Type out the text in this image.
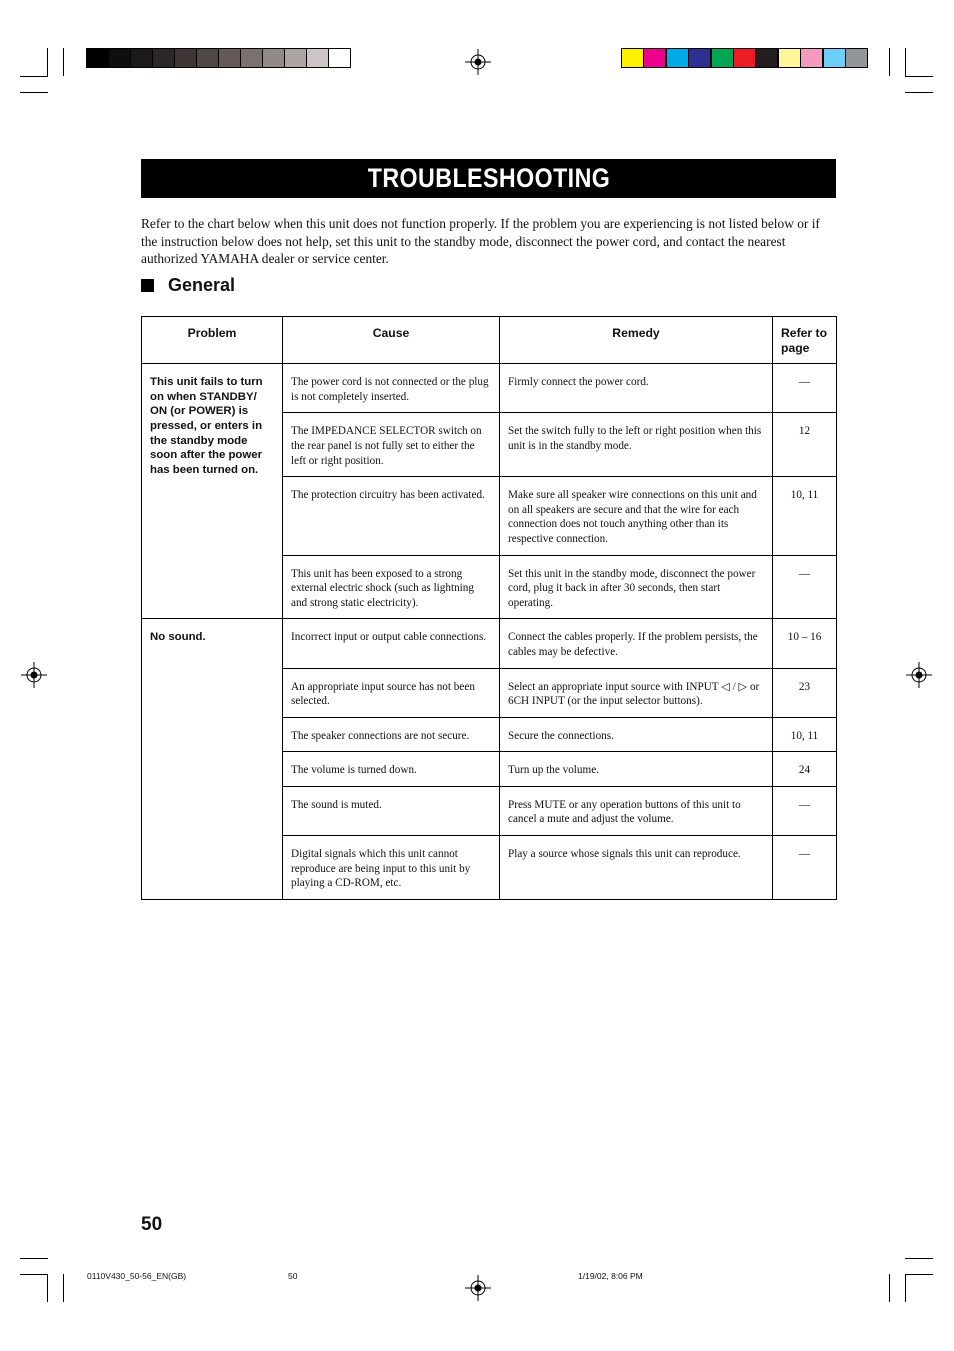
TROUBLESHOOTING
Refer to the chart below when this unit does not function properly. If the problem you are experiencing is not listed below or if the instruction below does not help, set this unit to the standby mode, disconnect the power cord, and contact the nearest authorized YAMAHA dealer or service center.
General
Problem	Cause	Remedy	Refer to page
This unit fails to turn on when STANDBY/ ON (or POWER) is pressed, or enters in the standby mode soon after the power has been turned on.	The power cord is not connected or the plug is not completely inserted.	Firmly connect the power cord.	—
	The IMPEDANCE SELECTOR switch on the rear panel is not fully set to either the left or right position.	Set the switch fully to the left or right position when this unit is in the standby mode.	12
	The protection circuitry has been activated.	Make sure all speaker wire connections on this unit and on all speakers are secure and that the wire for each connection does not touch anything other than its respective connection.	10, 11
	This unit has been exposed to a strong external electric shock (such as lightning and strong static electricity).	Set this unit in the standby mode, disconnect the power cord, plug it back in after 30 seconds, then start operating.	—
No sound.	Incorrect input or output cable connections.	Connect the cables properly. If the problem persists, the cables may be defective.	10 – 16
	An appropriate input source has not been selected.	Select an appropriate input source with INPUT ◁ / ▷ or 6CH INPUT (or the input selector buttons).	23
	The speaker connections are not secure.	Secure the connections.	10, 11
	The volume is turned down.	Turn up the volume.	24
	The sound is muted.	Press MUTE or any operation buttons of this unit to cancel a mute and adjust the volume.	—
	Digital signals which this unit cannot reproduce are being input to this unit by playing a CD-ROM, etc.	Play a source whose signals this unit can reproduce.	—
50
0110V430_50-56_EN(GB)	50	1/19/02, 8:06 PM
